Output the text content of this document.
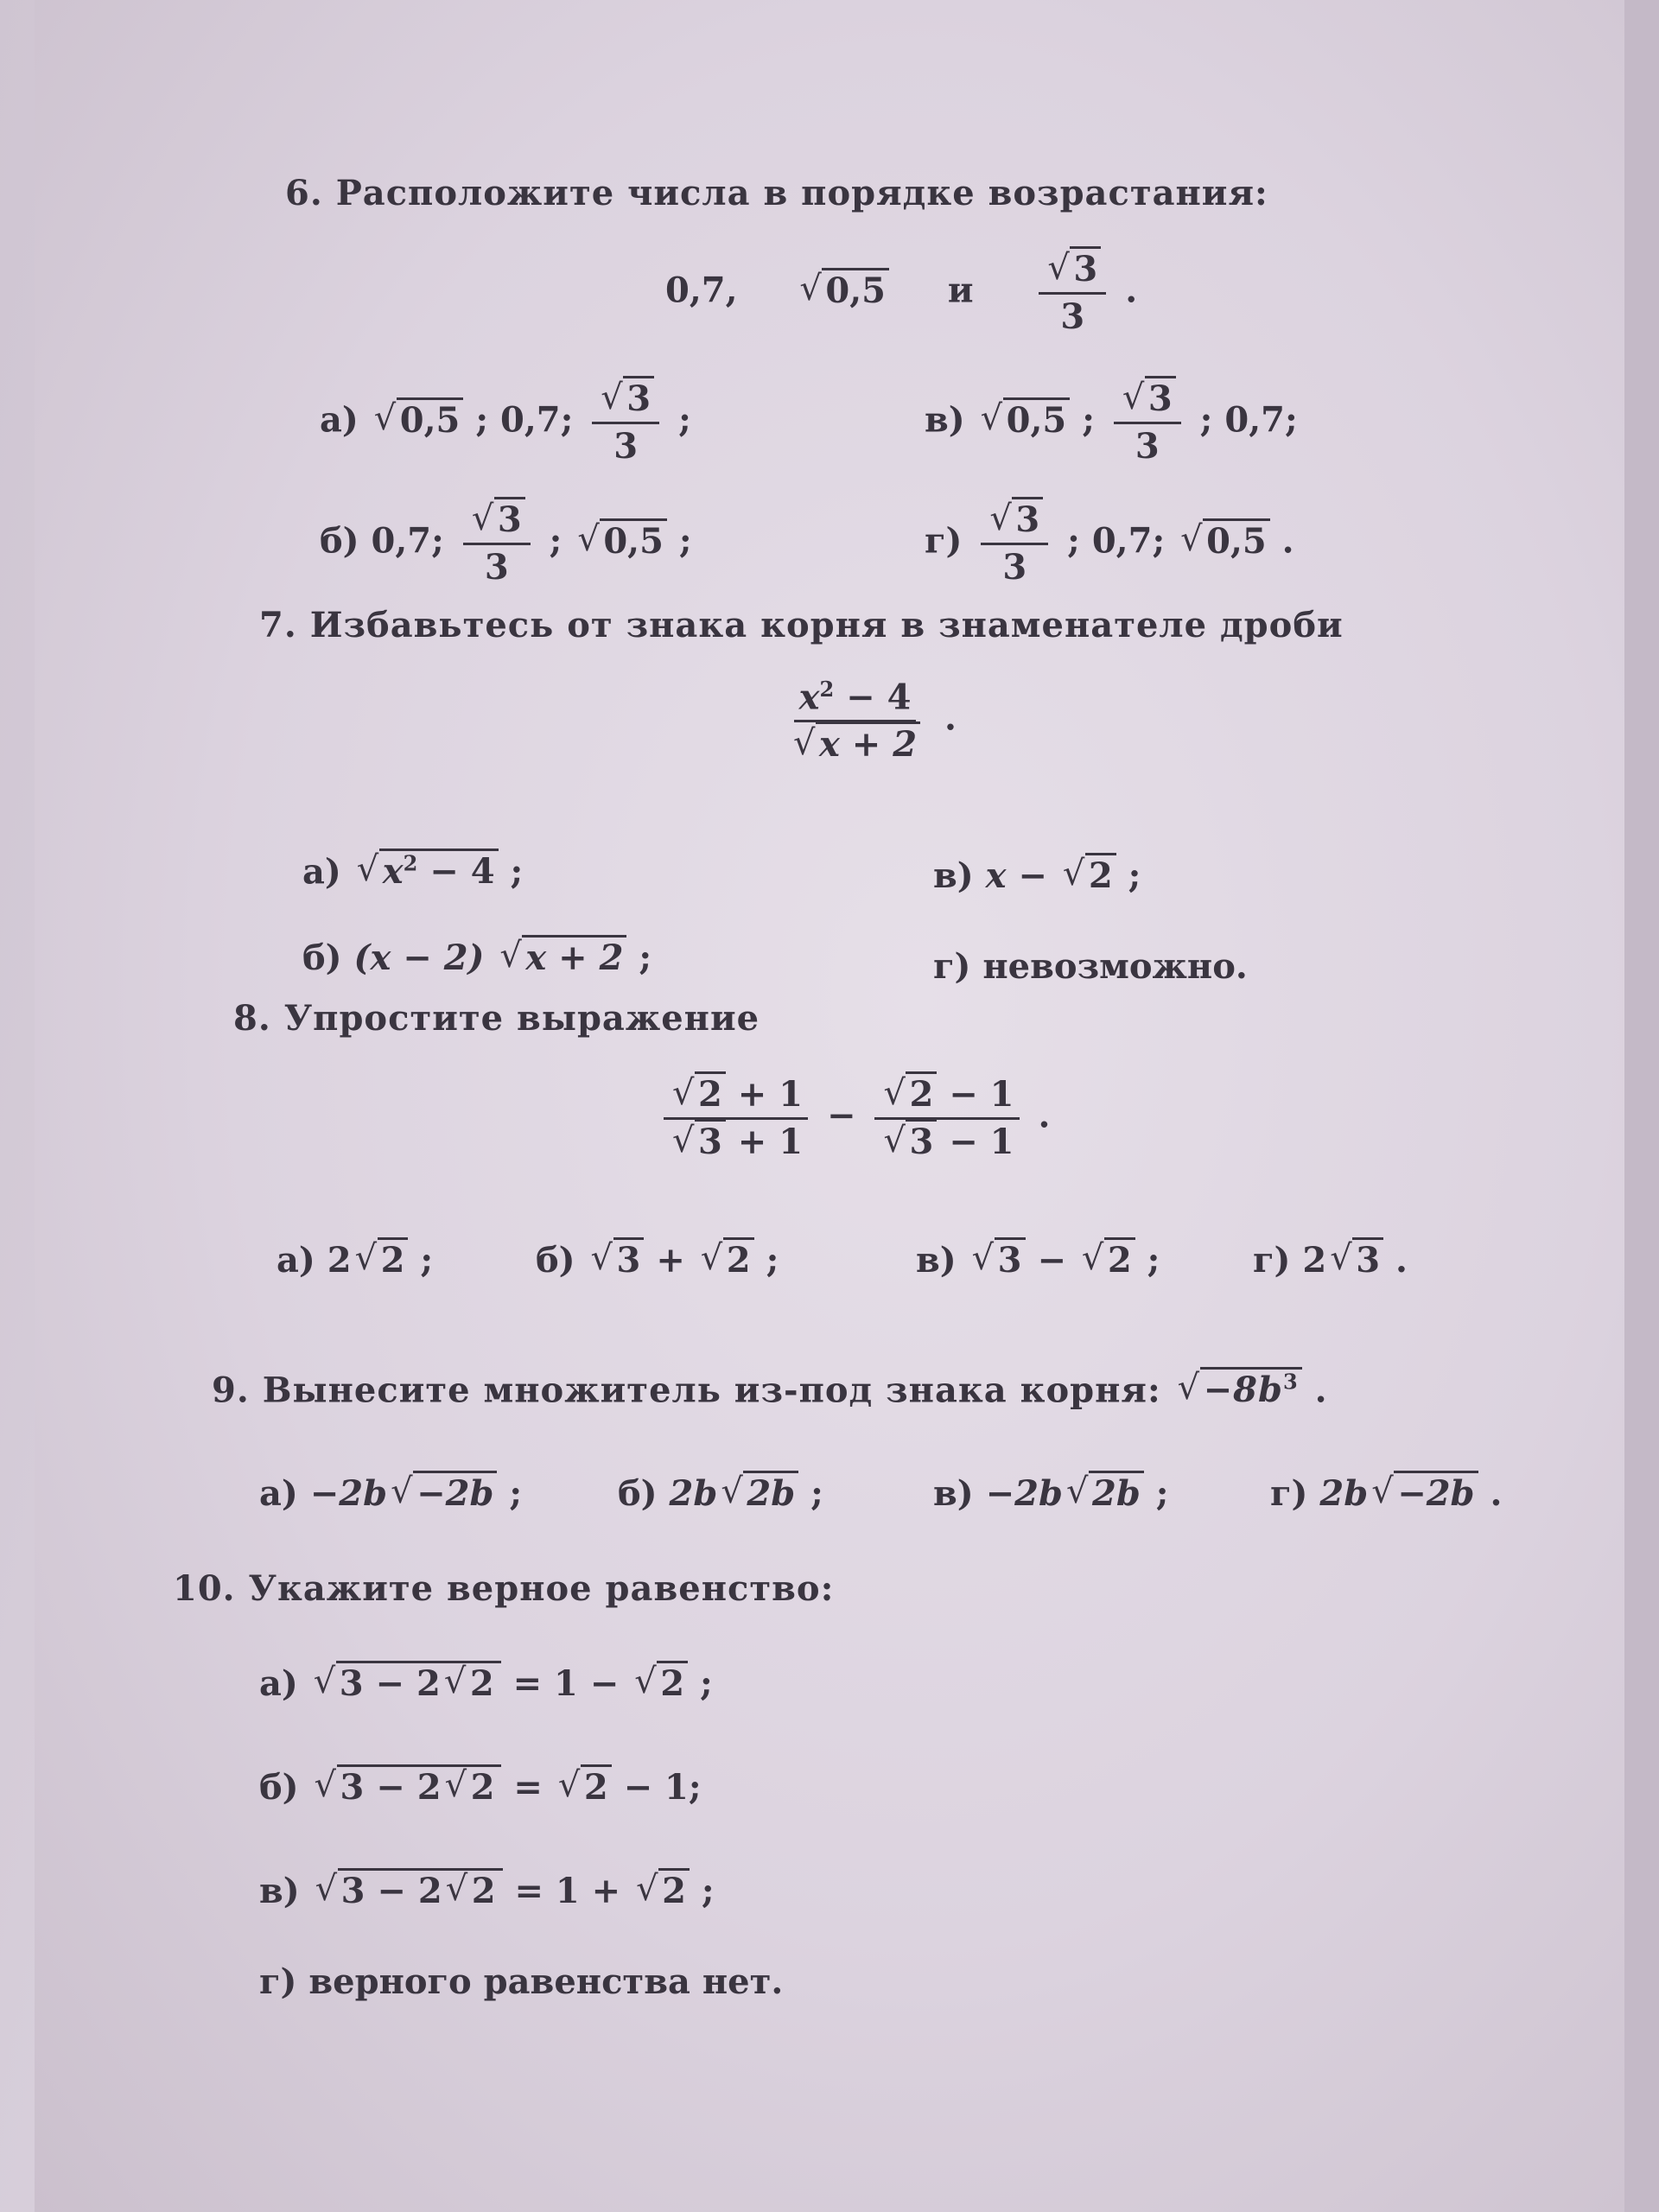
6. Расположите числа в порядке возрастания:
0,7,	√ 0,5 и √ $\frac{3}{3}$ .
а) √ 0,5 ; 0,7; √ $\frac{3}{3}$ ;	в) √ 0,5 ; √ $\frac{3}{3}$ ; 0,7;
б) 0,7; √ $\frac{3}{3}$ ; √ 0,5 ;	г) √ $\frac{3}{3}$ ; 0,7; √ 0,5 .
7. Избавьтесь от знака корня в знаменателе дроби
$x^2 - 4$
√ x + 2 .
а) √ $x^2 - 4$ ;	в) x − √ 2 ;
б) (x − 2) √ x + 2 ;	г) невозможно.
8. Упростите выражение
√ 2 + 1
√ 3 + 1 − √ 2 − 1
√ 3 − 1 .
а) 2 √ 2 ;	б) √ 3 + √ 2 ;	в) √ 3 − √ 2 ;	г) 2 √ 3 .
9. Вынесите множитель из-под знака корня: √ $-8b^3$ .
а) −2b √ −2b ;	б) 2b √ 2b ;	в) −2b √ 2b ;	г) 2b √ −2b .
10. Укажите верное равенство:
а) √ 3 − 2 √ 2 = 1 − √ 2 ;
б) √ 3 − 2 √ 2 = √ 2 − 1;
в) √ 3 − 2 √ 2 = 1 + √ 2 ;
г) верного равенства нет.
